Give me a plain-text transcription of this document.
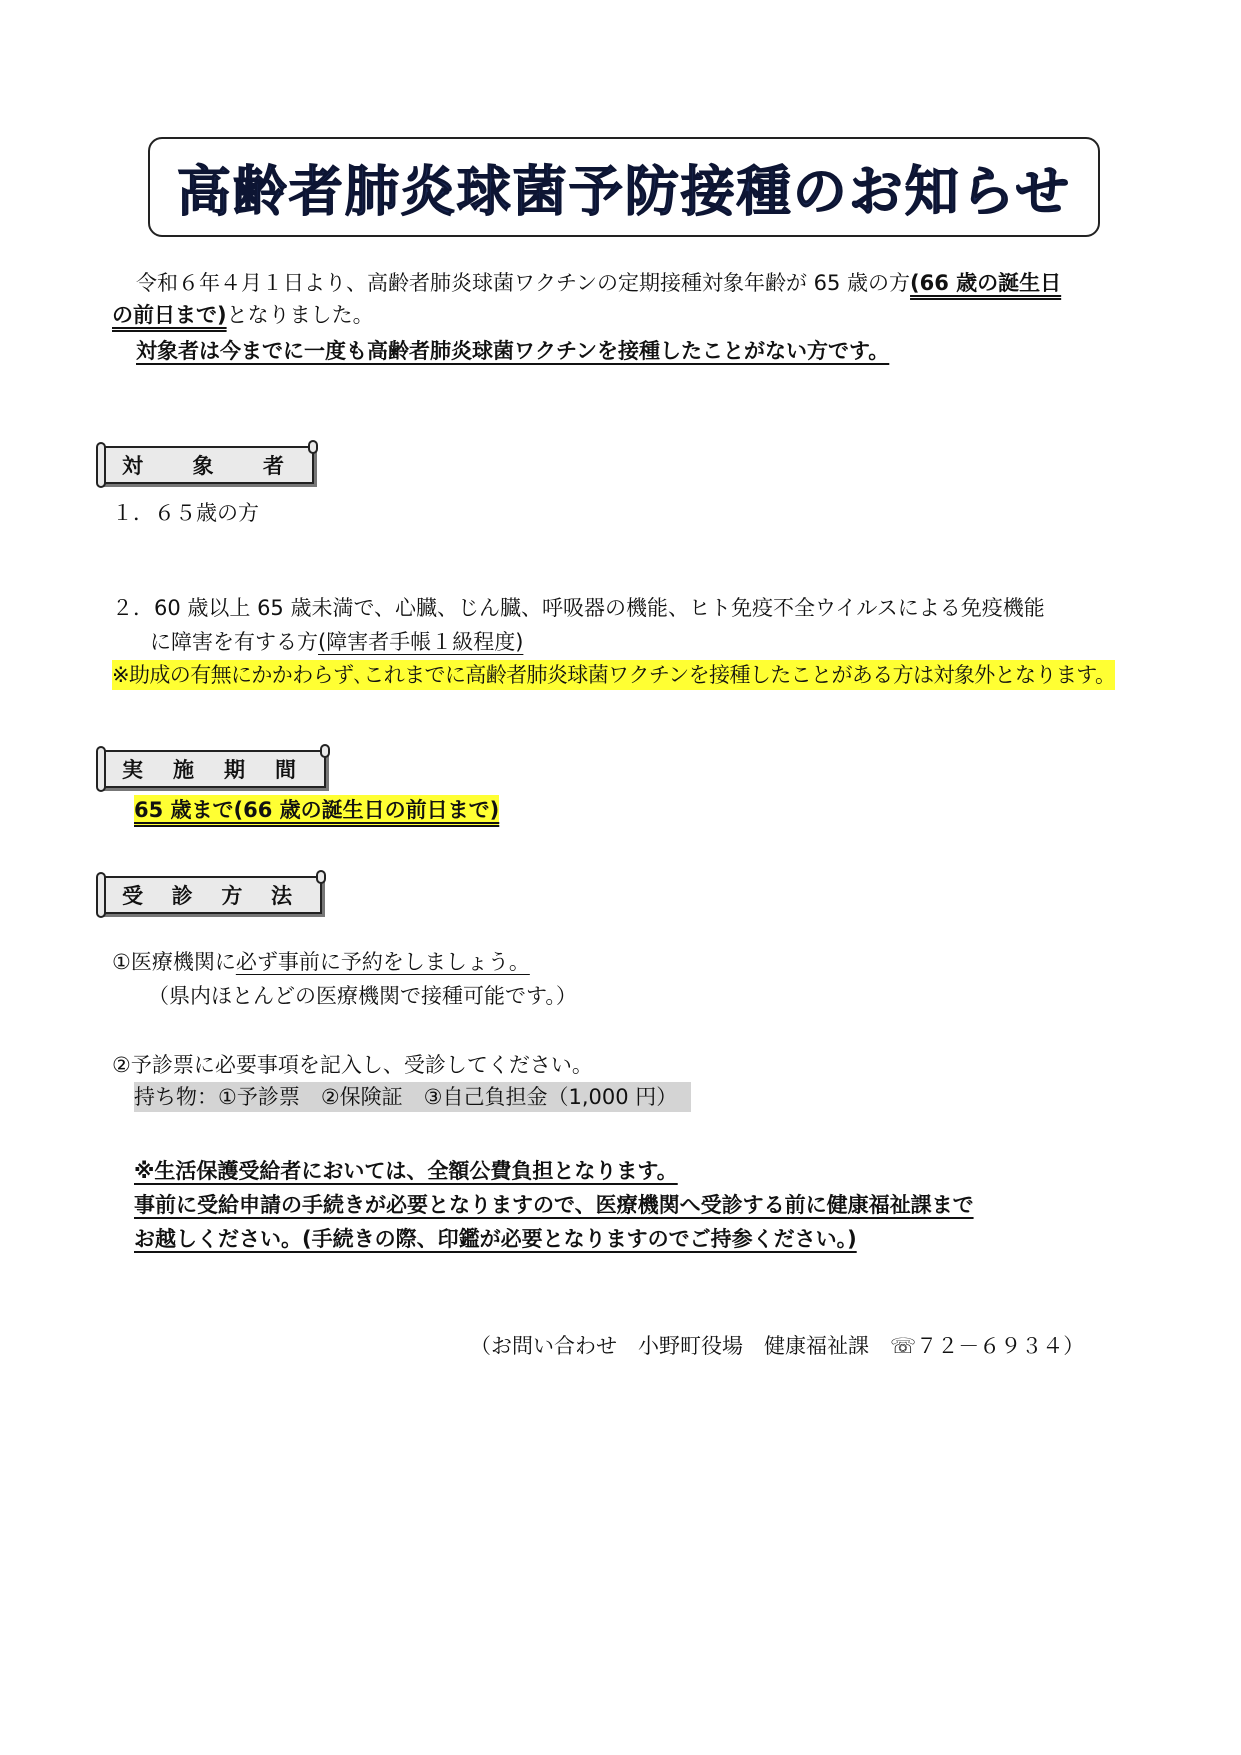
高齢者肺炎球菌予防接種のお知らせ
令和６年４月１日より、高齢者肺炎球菌ワクチンの定期接種対象年齢が 65 歳の方(66 歳の誕生日
の前日まで)となりました。
対象者は今までに一度も高齢者肺炎球菌ワクチンを接種したことがない方です。
対 象 者
１．６５歳の方
２．60 歳以上 65 歳未満で、心臓、じん臓、呼吸器の機能、ヒト免疫不全ウイルスによる免疫機能
に障害を有する方(障害者手帳１級程度)
※助成の有無にかかわらず､これまでに高齢者肺炎球菌ワクチンを接種したことがある方は対象外となります。
実 施 期 間
65 歳まで(66 歳の誕生日の前日まで)
受 診 方 法
①医療機関に必ず事前に予約をしましょう。
（県内ほとんどの医療機関で接種可能です。）
②予診票に必要事項を記入し、受診してください。
持ち物：①予診票　②保険証　③自己負担金（1,000 円）
※生活保護受給者においては、全額公費負担となります。
事前に受給申請の手続きが必要となりますので、医療機関へ受診する前に健康福祉課まで
お越しください。(手続きの際、印鑑が必要となりますのでご持参ください。)
（お問い合わせ　小野町役場　健康福祉課　☏７２－６９３４）
